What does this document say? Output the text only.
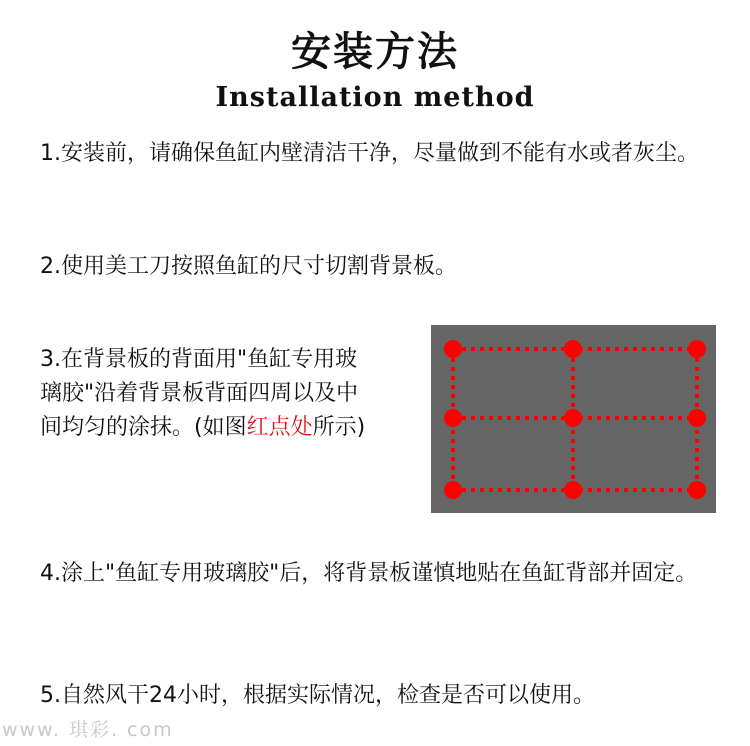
安装方法
Installation method
1.安装前，请确保鱼缸内壁清洁干净，尽量做到不能有水或者灰尘。
2.使用美工刀按照鱼缸的尺寸切割背景板。
3.在背景板的背面用"鱼缸专用玻璃胶"沿着背景板背面四周以及中间均匀的涂抹。(如图红点处所示)
4.涂上"鱼缸专用玻璃胶"后，将背景板谨慎地贴在鱼缸背部并固定。
5.自然风干24小时，根据实际情况，检查是否可以使用。
www. 琪彩. com
